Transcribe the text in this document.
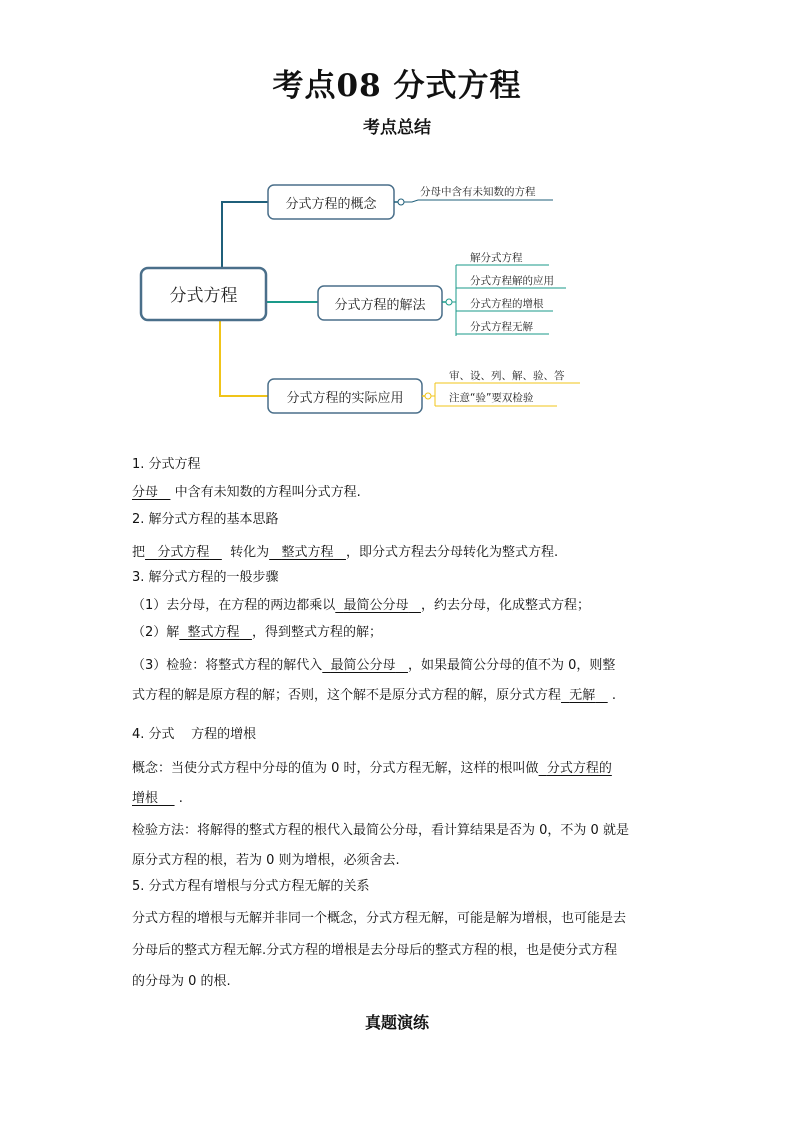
考点08 分式方程
考点总结
分式方程
分式方程的概念
分母中含有未知数的方程
分式方程的解法
解分式方程
分式方程解的应用
分式方程的增根
分式方程无解
分式方程的实际应用
审、设、列、解、验、答
注意“验”要双检验
1. 分式方程
分母 中含有未知数的方程叫分式方程.
2. 解分式方程的基本思路
把 分式方程 转化为 整式方程 ，即分式方程去分母转化为整式方程.
3. 解分式方程的一般步骤
（1）去分母，在方程的两边都乘以 最简公分母 ，约去分母，化成整式方程；
（2）解 整式方程 ，得到整式方程的解；
（3）检验：将整式方程的解代入 最简公分母 ，如果最简公分母的值不为 0，则整
式方程的解是原方程的解；否则，这个解不是原分式方程的解，原分式方程 无解 .
4. 分式    方程的增根
概念：当使分式方程中分母的值为 0 时，分式方程无解，这样的根叫做 分式方程的
增根 .
检验方法：将解得的整式方程的根代入最简公分母，看计算结果是否为 0，不为 0 就是
原分式方程的根，若为 0 则为增根，必须舍去.
5. 分式方程有增根与分式方程无解的关系
分式方程的增根与无解并非同一个概念，分式方程无解，可能是解为增根，也可能是去
分母后的整式方程无解.分式方程的增根是去分母后的整式方程的根，也是使分式方程
的分母为 0 的根.
真题演练
